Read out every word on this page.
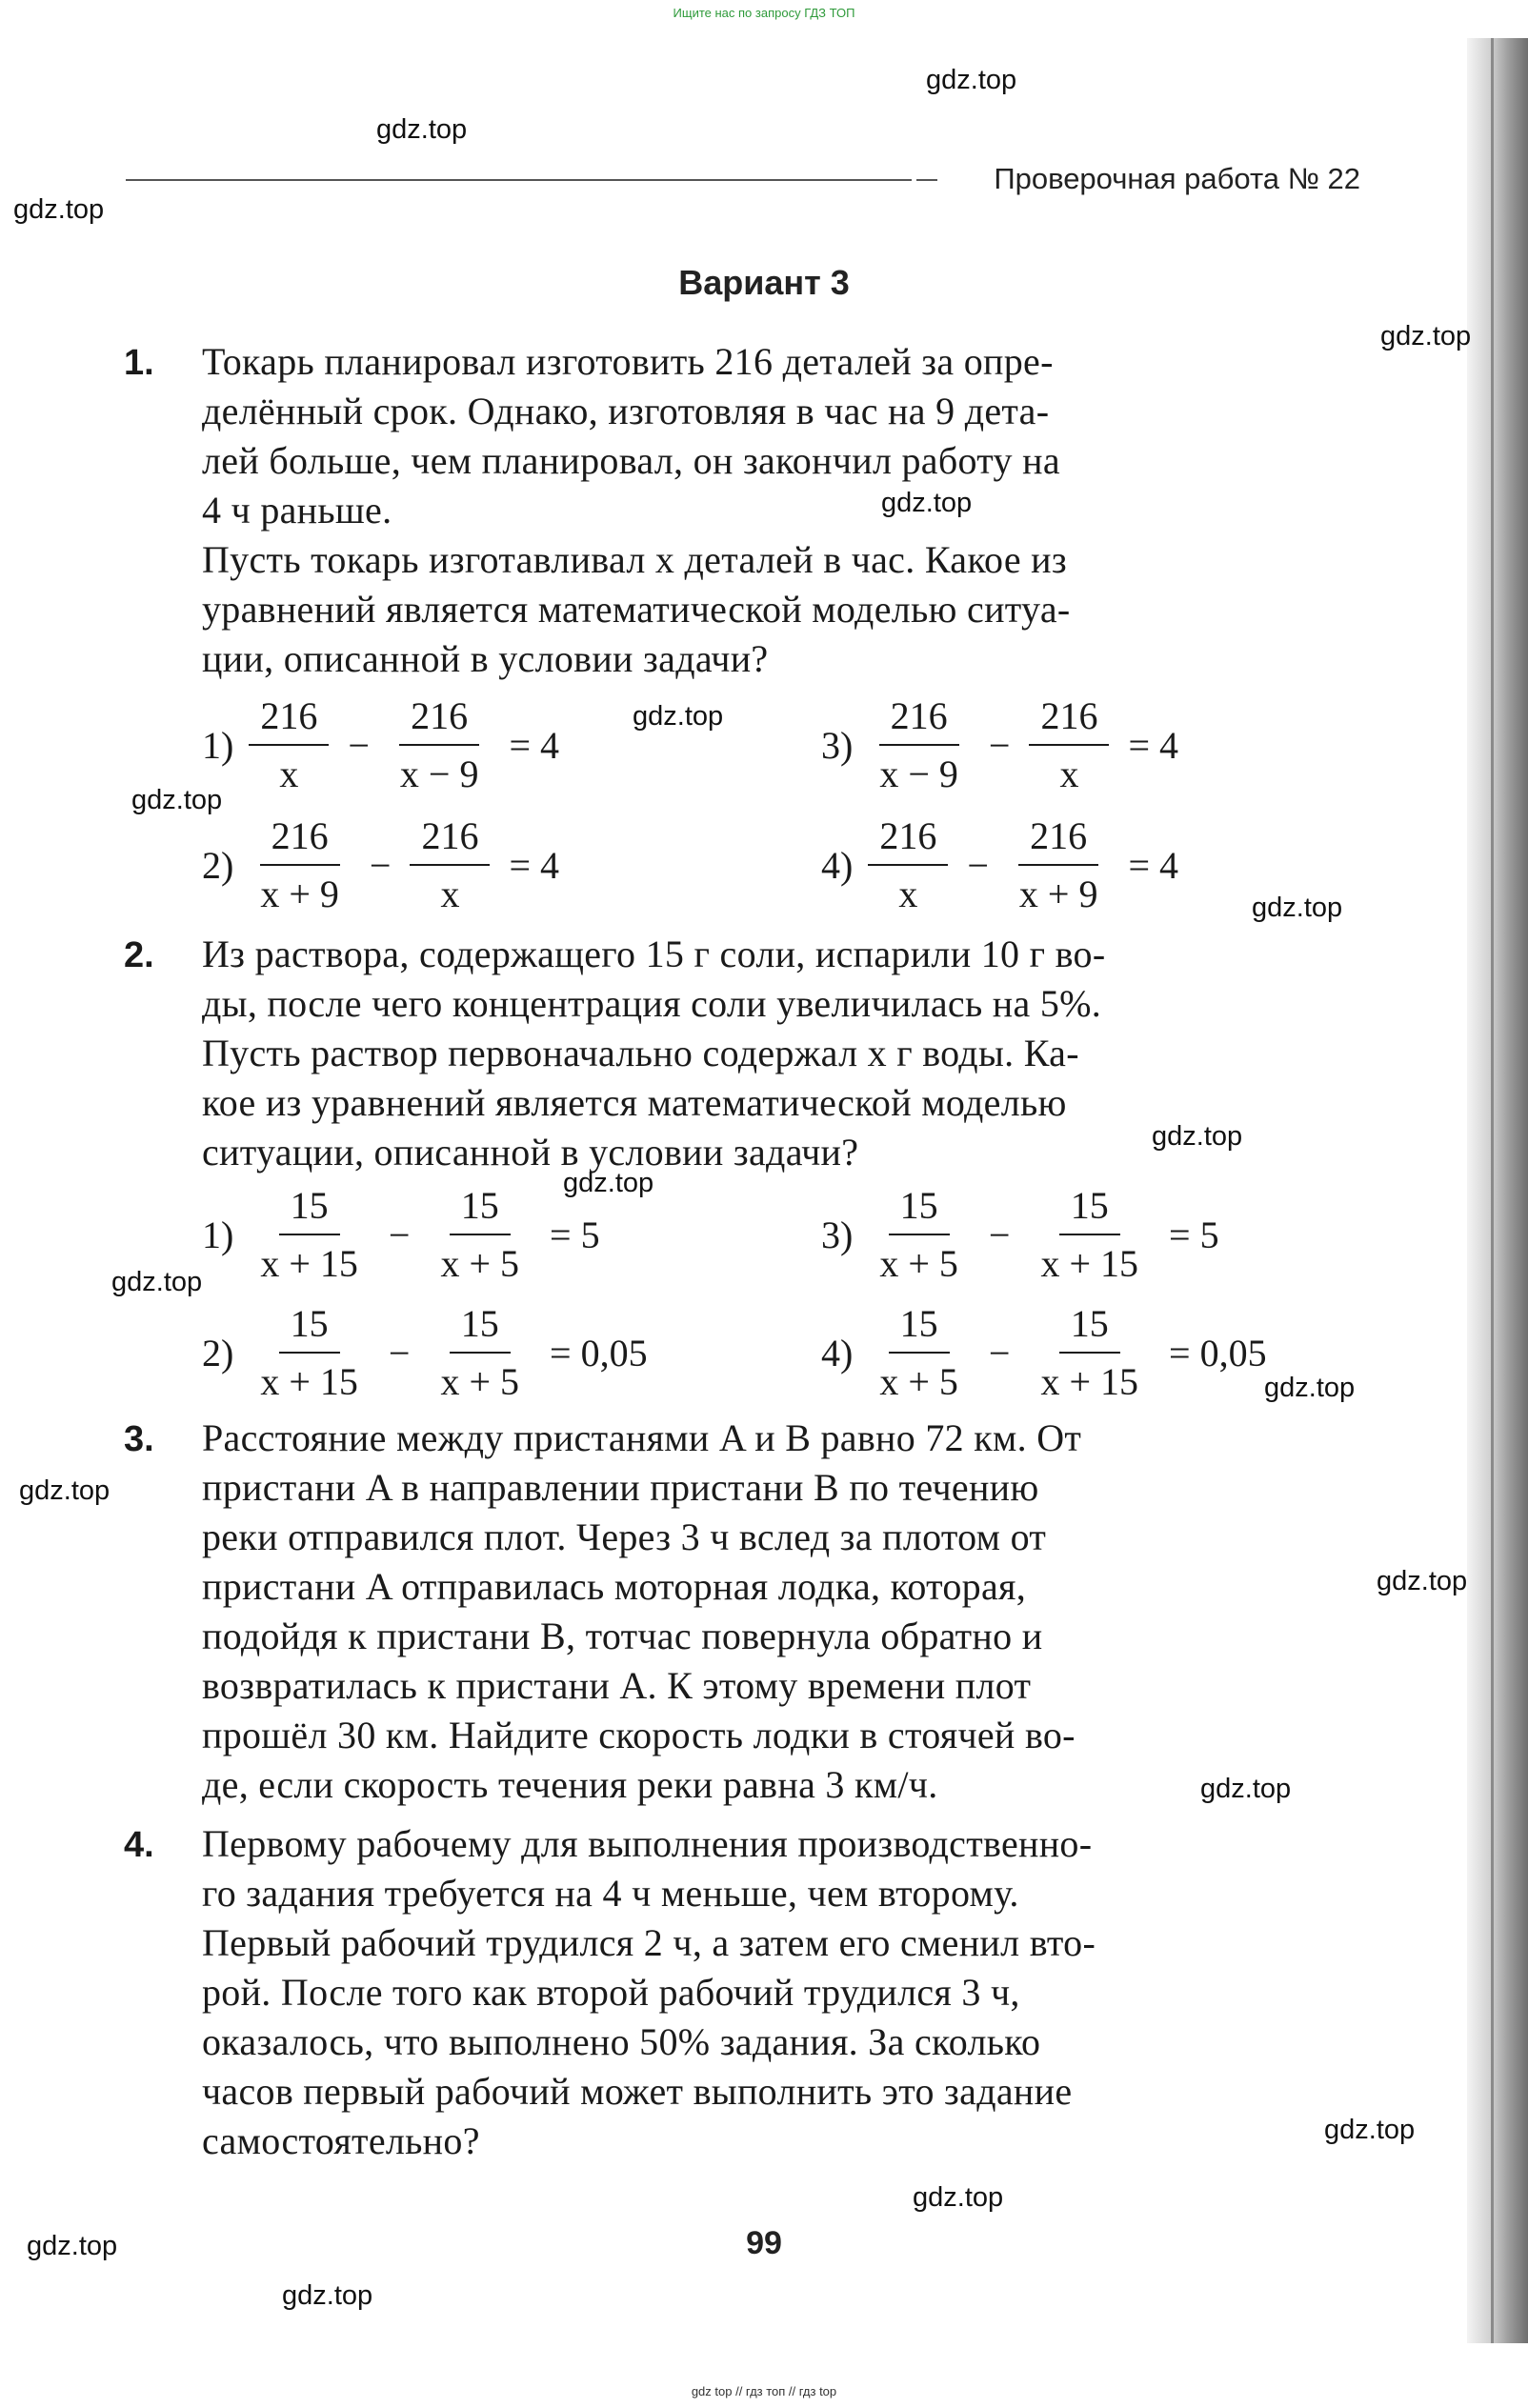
Ищите нас по запросу ГДЗ ТОП
gdz.top
gdz.top
gdz.top
gdz.top
gdz.top
gdz.top
gdz.top
gdz.top
gdz.top
gdz.top
gdz.top
gdz.top
gdz.top
gdz.top
gdz.top
gdz.top
gdz.top
gdz.top
gdz.top
Проверочная работа № 22
Вариант 3
1. Токарь планировал изготовить 216 деталей за опре-

делённый срок. Однако, изготовляя в час на 9 дета-

лей больше, чем планировал, он закончил работу на

4 ч раньше.

Пусть токарь изготавливал x деталей в час. Какое из

уравнений является математической моделью ситуа-

ции, описанной в условии задачи?

$1) \frac{216}{x} - \frac{216}{x - 9} = 4$	$3) \frac{216}{x - 9} - \frac{216}{x} = 4$
$2) \frac{216}{x + 9} - \frac{216}{x} = 4$	$4) \frac{216}{x} - \frac{216}{x + 9} = 4$
2. Из раствора, содержащего 15 г соли, испарили 10 г во-

ды, после чего концентрация соли увеличилась на 5%.

Пусть раствор первоначально содержал x г воды. Ка-

кое из уравнений является математической моделью

ситуации, описанной в условии задачи?

$1) \frac{15}{x + 15} - \frac{15}{x + 5} = 5$	$3) \frac{15}{x + 5} - \frac{15}{x + 15} = 5$
$2) \frac{15}{x + 15} - \frac{15}{x + 5} = 0,05$	$4) \frac{15}{x + 5} - \frac{15}{x + 15} = 0,05$
3. Расстояние между пристанями A и B равно 72 км. От

пристани A в направлении пристани B по течению

реки отправился плот. Через 3 ч вслед за плотом от

пристани A отправилась моторная лодка, которая,

подойдя к пристани B, тотчас повернула обратно и

возвратилась к пристани A. К этому времени плот

прошёл 30 км. Найдите скорость лодки в стоячей во-

де, если скорость течения реки равна 3 км/ч.

4. Первому рабочему для выполнения производственно-

го задания требуется на 4 ч меньше, чем второму.

Первый рабочий трудился 2 ч, а затем его сменил вто-

рой. После того как второй рабочий трудился 3 ч,

оказалось, что выполнено 50% задания. За сколько

часов первый рабочий может выполнить это задание

самостоятельно?

99
gdz top // гдз топ // гдз top
